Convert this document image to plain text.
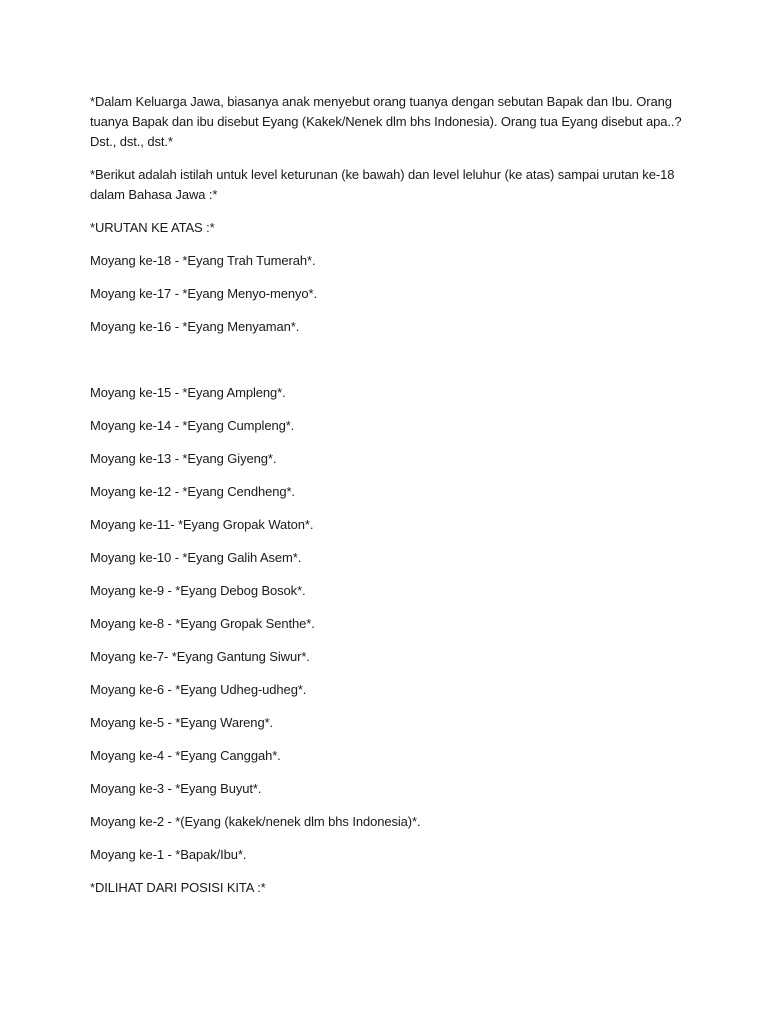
*Dalam Keluarga Jawa, biasanya anak menyebut orang tuanya dengan sebutan Bapak dan Ibu. Orang
tuanya Bapak dan ibu disebut Eyang (Kakek/Nenek dlm bhs Indonesia). Orang tua Eyang disebut apa..?
Dst., dst., dst.*
*Berikut adalah istilah untuk level keturunan (ke bawah) dan level leluhur (ke atas) sampai urutan ke-18
dalam Bahasa Jawa :*
*URUTAN KE ATAS :*
Moyang ke-18 - *Eyang Trah Tumerah*.
Moyang ke-17 - *Eyang Menyo-menyo*.
Moyang ke-16 - *Eyang Menyaman*.
Moyang ke-15 - *Eyang Ampleng*.
Moyang ke-14 - *Eyang Cumpleng*.
Moyang ke-13 - *Eyang Giyeng*.
Moyang ke-12 - *Eyang Cendheng*.
Moyang ke-11- *Eyang Gropak Waton*.
Moyang ke-10 - *Eyang Galih Asem*.
Moyang ke-9 - *Eyang Debog Bosok*.
Moyang ke-8 - *Eyang Gropak Senthe*.
Moyang ke-7- *Eyang Gantung Siwur*.
Moyang ke-6 - *Eyang Udheg-udheg*.
Moyang ke-5 - *Eyang Wareng*.
Moyang ke-4 - *Eyang Canggah*.
Moyang ke-3 - *Eyang Buyut*.
Moyang ke-2 - *(Eyang (kakek/nenek dlm bhs Indonesia)*.
Moyang ke-1 - *Bapak/Ibu*.
*DILIHAT DARI POSISI KITA :*
